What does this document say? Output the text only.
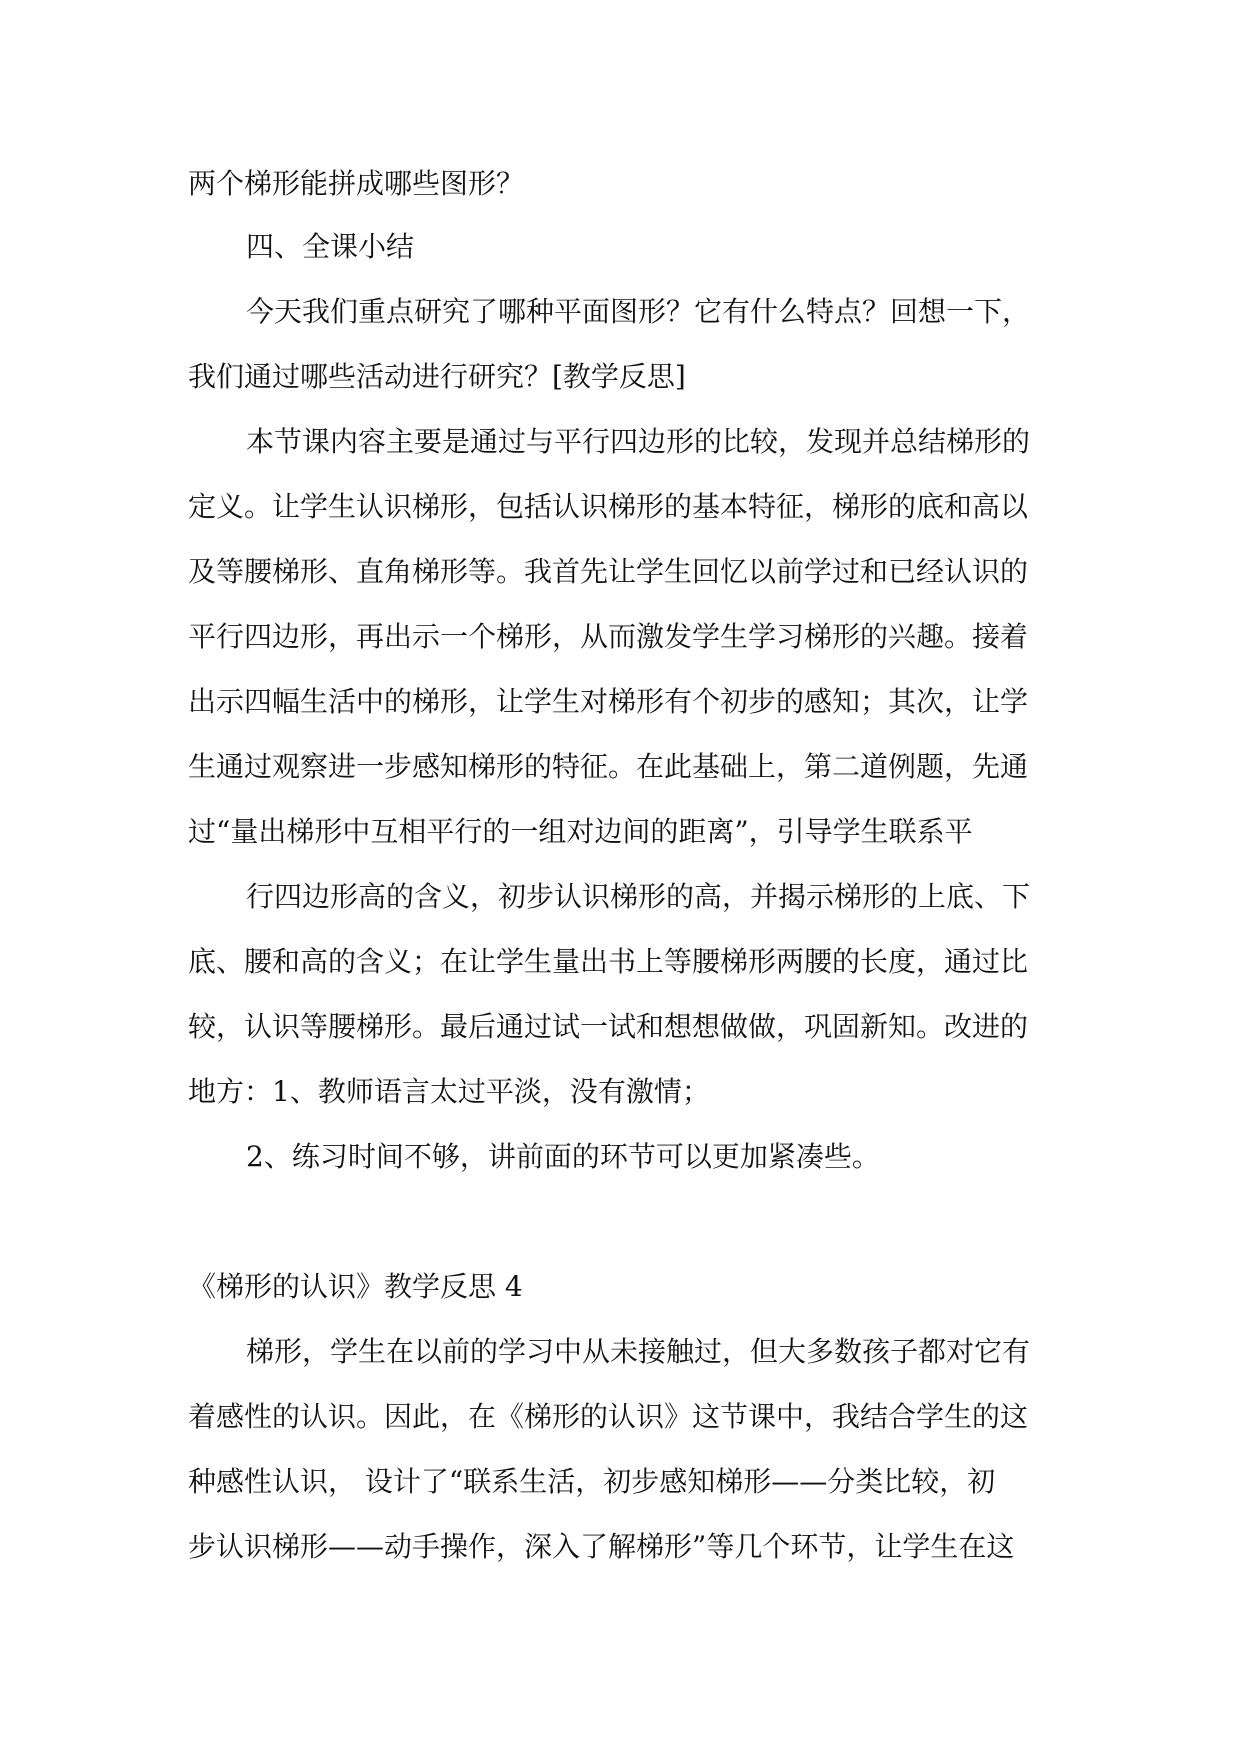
两个梯形能拼成哪些图形？
四、全课小结
今天我们重点研究了哪种平面图形？它有什么特点？回想一下，
我们通过哪些活动进行研究？[教学反思]
本节课内容主要是通过与平行四边形的比较，发现并总结梯形的
定义。让学生认识梯形，包括认识梯形的基本特征，梯形的底和高以
及等腰梯形、直角梯形等。我首先让学生回忆以前学过和已经认识的
平行四边形，再出示一个梯形，从而激发学生学习梯形的兴趣。接着
出示四幅生活中的梯形，让学生对梯形有个初步的感知；其次，让学
生通过观察进一步感知梯形的特征。在此基础上，第二道例题，先通
过“量出梯形中互相平行的一组对边间的距离”，引导学生联系平
行四边形高的含义，初步认识梯形的高，并揭示梯形的上底、下
底、腰和高的含义；在让学生量出书上等腰梯形两腰的长度，通过比
较，认识等腰梯形。最后通过试一试和想想做做，巩固新知。改进的
地方：1、教师语言太过平淡，没有激情；
2、练习时间不够，讲前面的环节可以更加紧凑些。
《梯形的认识》教学反思 4
梯形，学生在以前的学习中从未接触过，但大多数孩子都对它有
着感性的认识。因此，在《梯形的认识》这节课中，我结合学生的这
种感性认识， 设计了“联系生活，初步感知梯形——分类比较，初
步认识梯形——动手操作，深入了解梯形”等几个环节，让学生在这
